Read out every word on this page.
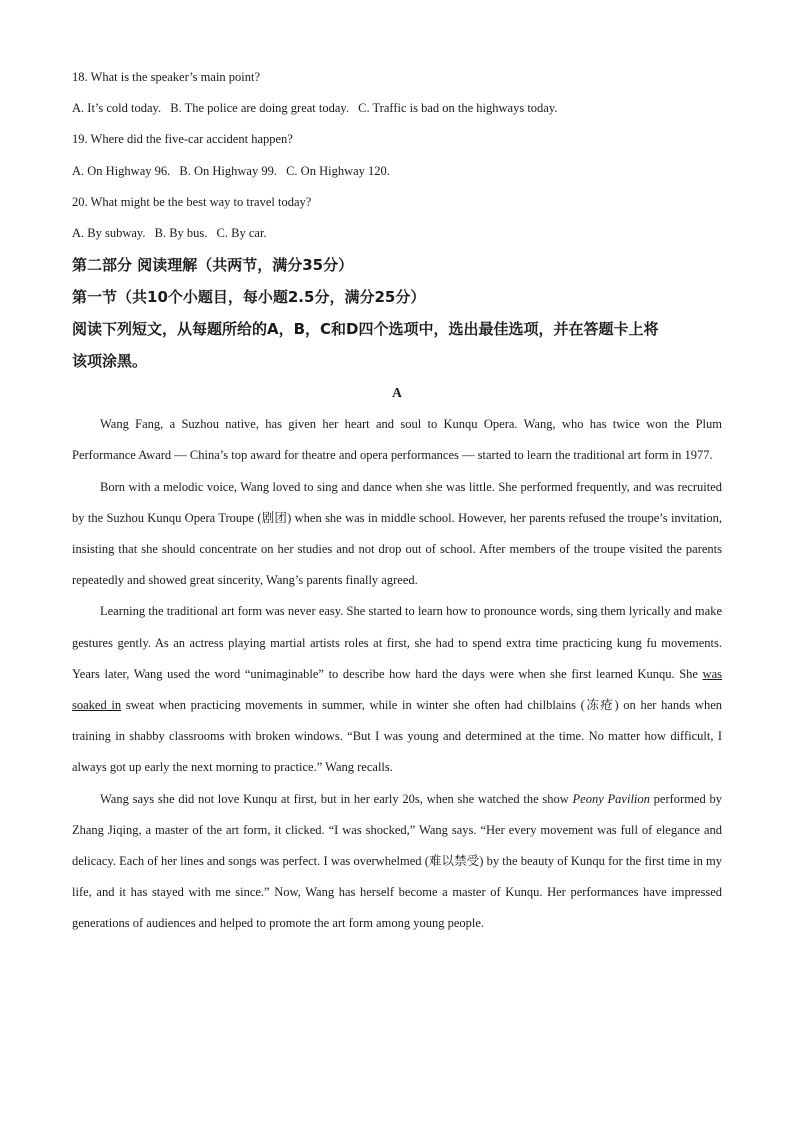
18. What is the speaker’s main point?

A. It’s cold today. B. The police are doing great today. C. Traffic is bad on the highways today.

19. Where did the five-car accident happen?

A. On Highway 96. B. On Highway 99. C. On Highway 120.

20. What might be the best way to travel today?

A. By subway. B. By bus. C. By car.

第二部分 阅读理解（共两节，满分35分）

第一节（共10个小题目，每小题2.5分，满分25分）

阅读下列短文，从每题所给的A，B，C和D四个选项中，选出最佳选项，并在答题卡上将

该项涂黑。

A

Wang Fang, a Suzhou native, has given her heart and soul to Kunqu Opera. Wang, who has twice won the Plum Performance Award — China’s top award for theatre and opera performances — started to learn the traditional art form in 1977.

Born with a melodic voice, Wang loved to sing and dance when she was little. She performed frequently, and was recruited by the Suzhou Kunqu Opera Troupe (剧团) when she was in middle school. However, her parents refused the troupe’s invitation, insisting that she should concentrate on her studies and not drop out of school. After members of the troupe visited the parents repeatedly and showed great sincerity, Wang’s parents finally agreed.

Learning the traditional art form was never easy. She started to learn how to pronounce words, sing them lyrically and make gestures gently. As an actress playing martial artists roles at first, she had to spend extra time practicing kung fu movements. Years later, Wang used the word “unimaginable” to describe how hard the days were when she first learned Kunqu. She was soaked in sweat when practicing movements in summer, while in winter she often had chilblains (冻疮) on her hands when training in shabby classrooms with broken windows. “But I was young and determined at the time. No matter how difficult, I always got up early the next morning to practice.” Wang recalls.

Wang says she did not love Kunqu at first, but in her early 20s, when she watched the show Peony Pavilion performed by Zhang Jiqing, a master of the art form, it clicked. “I was shocked,” Wang says. “Her every movement was full of elegance and delicacy. Each of her lines and songs was perfect. I was overwhelmed (难以禁受) by the beauty of Kunqu for the first time in my life, and it has stayed with me since.” Now, Wang has herself become a master of Kunqu. Her performances have impressed generations of audiences and helped to promote the art form among young people.
